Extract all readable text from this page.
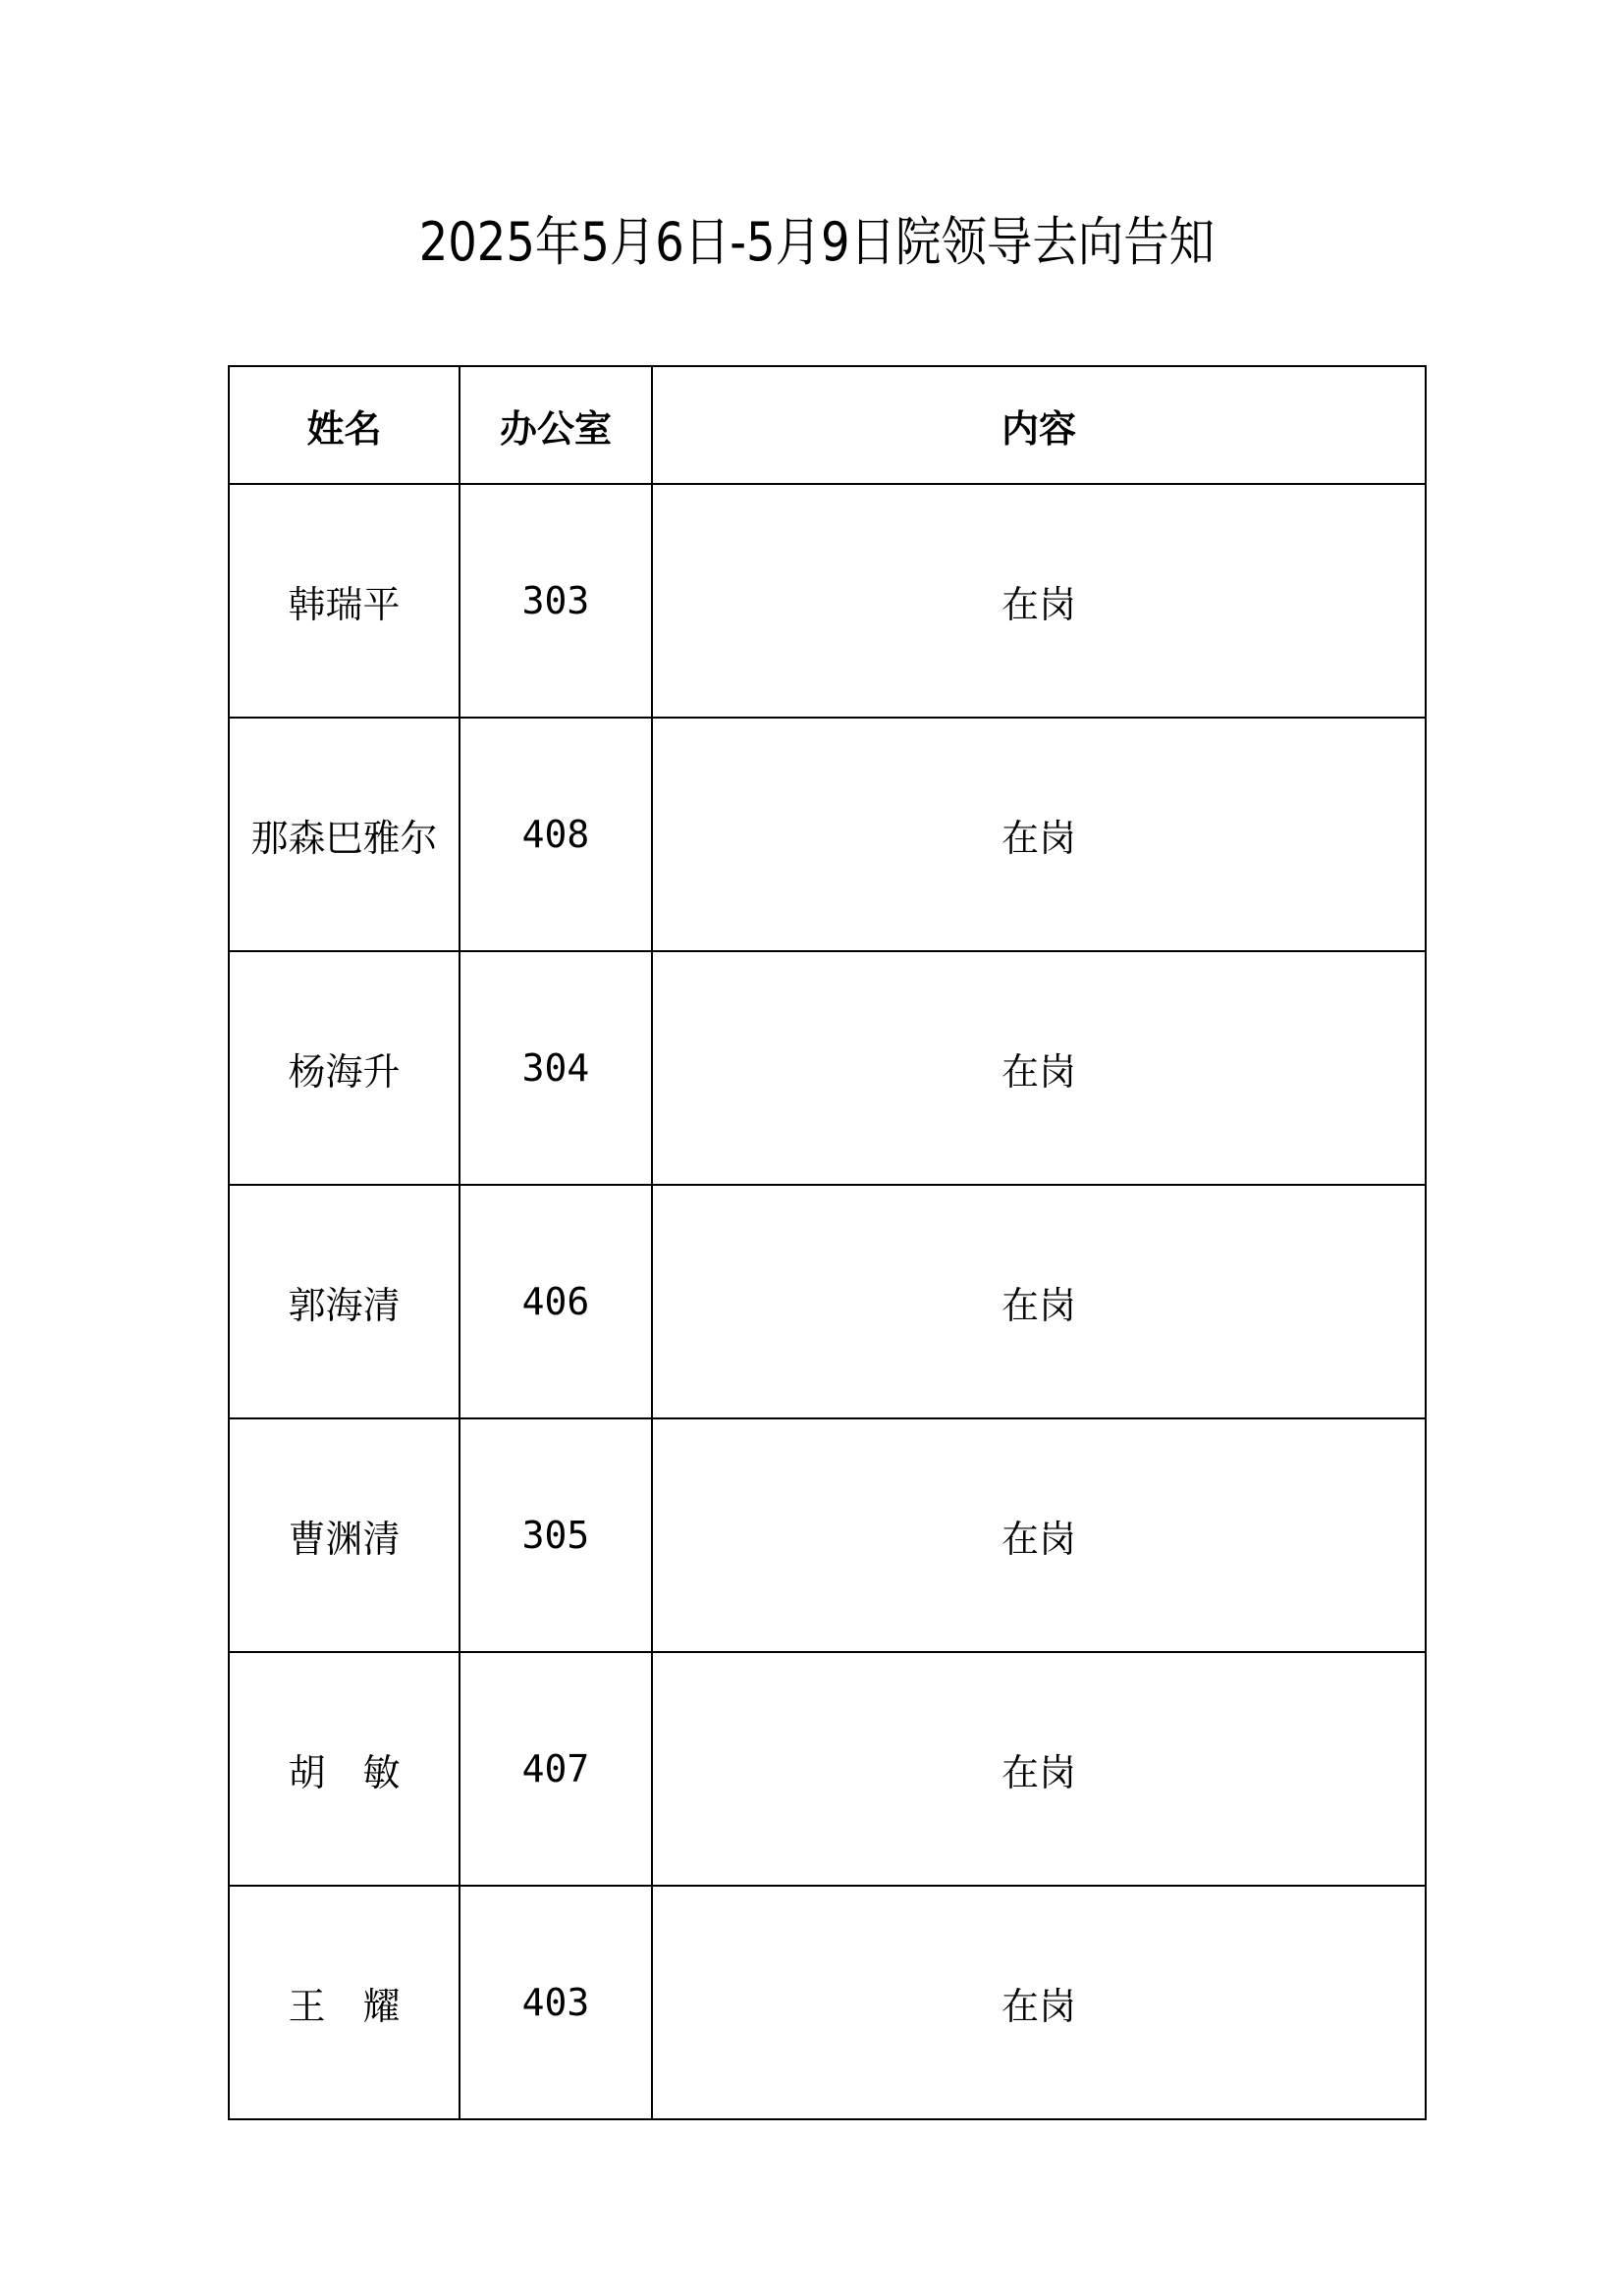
2025年5月6日-5月9日院领导去向告知
姓名	办公室	内容
韩瑞平	303	在岗
那森巴雅尔	408	在岗
杨海升	304	在岗
郭海清	406	在岗
曹渊清	305	在岗
胡　敏	407	在岗
王　耀	403	在岗
